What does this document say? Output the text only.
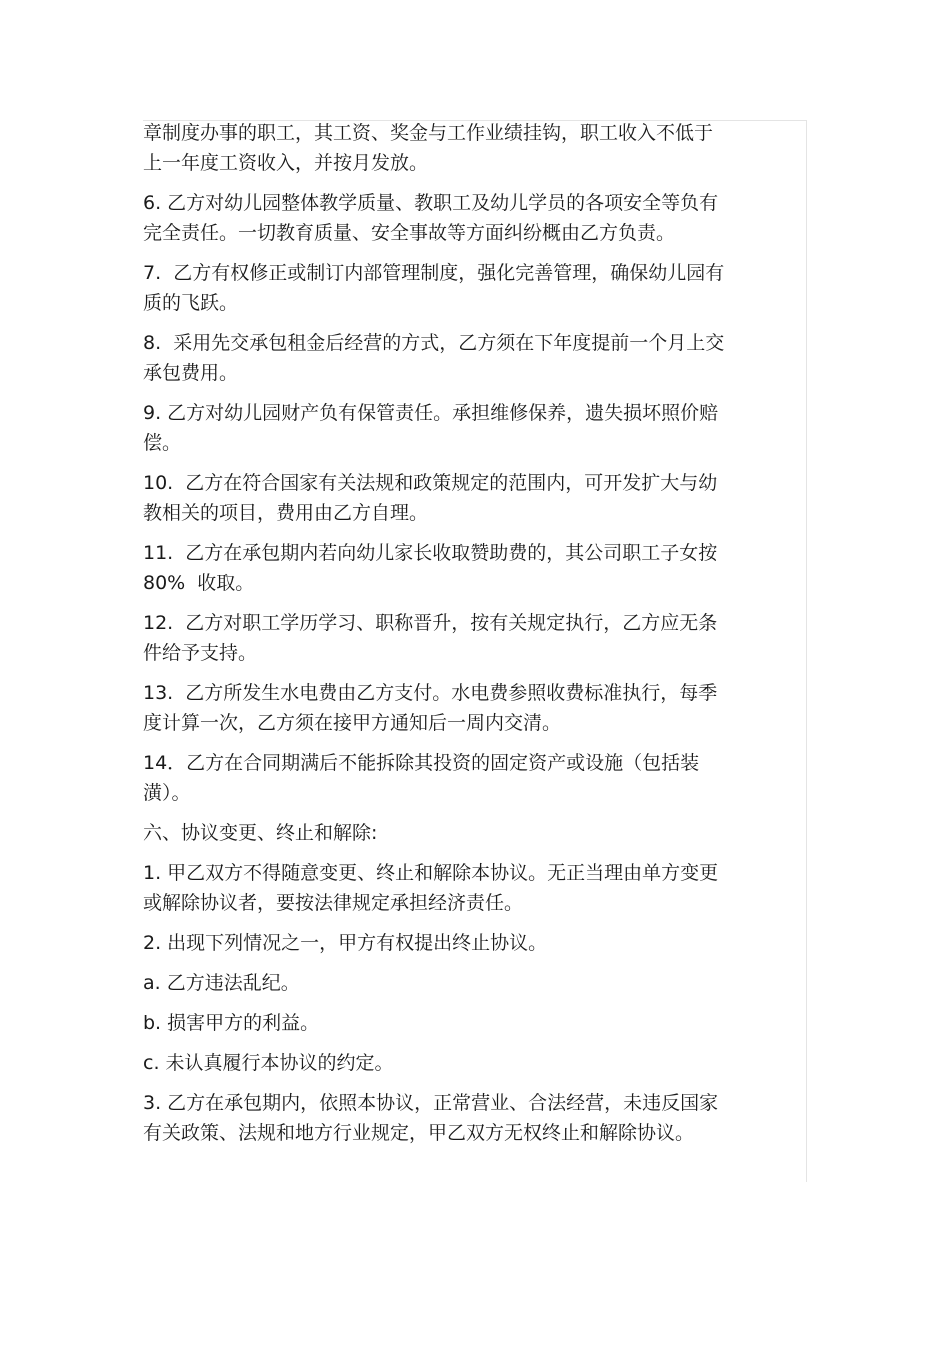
章制度办事的职工，其工资、奖金与工作业绩挂钩，职工收入不低于
上一年度工资收入，并按月发放。

6. 乙方对幼儿园整体教学质量、教职工及幼儿学员的各项安全等负有
完全责任。一切教育质量、安全事故等方面纠纷概由乙方负责。

7.  乙方有权修正或制订内部管理制度，强化完善管理，确保幼儿园有
质的飞跃。

8.  采用先交承包租金后经营的方式，乙方须在下年度提前一个月上交
承包费用。

9. 乙方对幼儿园财产负有保管责任。承担维修保养，遗失损坏照价赔
偿。

10.  乙方在符合国家有关法规和政策规定的范围内，可开发扩大与幼
教相关的项目，费用由乙方自理。

11.  乙方在承包期内若向幼儿家长收取赞助费的，其公司职工子女按
80%  收取。

12.  乙方对职工学历学习、职称晋升，按有关规定执行，乙方应无条
件给予支持。

13.  乙方所发生水电费由乙方支付。水电费参照收费标准执行，每季
度计算一次，乙方须在接甲方通知后一周内交清。

14．乙方在合同期满后不能拆除其投资的固定资产或设施（包括装
潢）。

六、协议变更、终止和解除:

1. 甲乙双方不得随意变更、终止和解除本协议。无正当理由单方变更
或解除协议者，要按法律规定承担经济责任。

2. 出现下列情况之一，甲方有权提出终止协议。

a. 乙方违法乱纪。

b. 损害甲方的利益。

c. 未认真履行本协议的约定。

3. 乙方在承包期内，依照本协议，正常营业、合法经营，未违反国家
有关政策、法规和地方行业规定，甲乙双方无权终止和解除协议。
